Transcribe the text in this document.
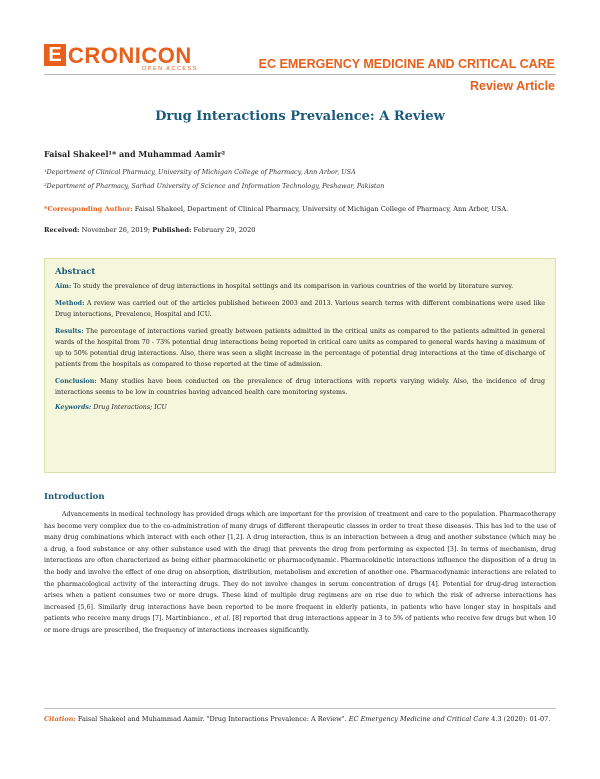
E CRONICON
OPEN ACCESS	EC EMERGENCY MEDICINE AND CRITICAL CARE
Review Article
Drug Interactions Prevalence: A Review
Faisal Shakeel¹* and Muhammad Aamir²
¹Department of Clinical Pharmacy, University of Michigan College of Pharmacy, Ann Arbor, USA
²Department of Pharmacy, Sarhad University of Science and Information Technology, Peshawar, Pakistan
*Corresponding Author: Faisal Shakeel, Department of Clinical Pharmacy, University of Michigan College of Pharmacy, Ann Arbor, USA.
Received: November 26, 2019; Published: February 29, 2020
Abstract

Aim: To study the prevalence of drug interactions in hospital settings and its comparison in various countries of the world by literature survey.

Method: A review was carried out of the articles published between 2003 and 2013. Various search terms with different combinations were used like Drug interactions, Prevalence, Hospital and ICU.

Results: The percentage of interactions varied greatly between patients admitted in the critical units as compared to the patients admitted in general wards of the hospital from 70 - 73% potential drug interactions being reported in critical care units as compared to general wards having a maximum of up to 50% potential drug interactions. Also, there was seen a slight increase in the percentage of potential drug interactions at the time of discharge of patients from the hospitals as compared to those reported at the time of admission.

Conclusion: Many studies have been conducted on the prevalence of drug interactions with reports varying widely. Also, the incidence of drug interactions seems to be low in countries having advanced health care monitoring systems.

Keywords: Drug Interactions; ICU
Introduction

Advancements in medical technology has provided drugs which are important for the provision of treatment and care to the population. Pharmacotherapy has become very complex due to the co-administration of many drugs of different therapeutic classes in order to treat these diseases. This has led to the use of many drug combinations which interact with each other [1,2]. A drug interaction, thus is an interaction between a drug and another substance (which may be a drug, a food substance or any other substance used with the drug) that prevents the drug from performing as expected [3]. In terms of mechanism, drug interactions are often characterized as being either pharmacokinetic or pharmacodynamic. Pharmacokinetic interactions influence the disposition of a drug in the body and involve the effect of one drug on absorption, distribution, metabolism and excretion of another one. Pharmacodynamic interactions are related to the pharmacological activity of the interacting drugs. They do not involve changes in serum concentration of drugs [4]. Potential for drug-drug interaction arises when a patient consumes two or more drugs. These kind of multiple drug regimens are on rise due to which the risk of adverse interactions has increased [5,6]. Similarly drug interactions have been reported to be more frequent in elderly patients, in patients who have longer stay in hospitals and patients who receive many drugs [7]. Martinbianco., et al. [8] reported that drug interactions appear in 3 to 5% of patients who receive few drugs but when 10 or more drugs are prescribed, the frequency of interactions increases significantly.

Citation: Faisal Shakeel and Muhammad Aamir. "Drug Interactions Prevalence: A Review". EC Emergency Medicine and Critical Care 4.3 (2020): 01-07.
